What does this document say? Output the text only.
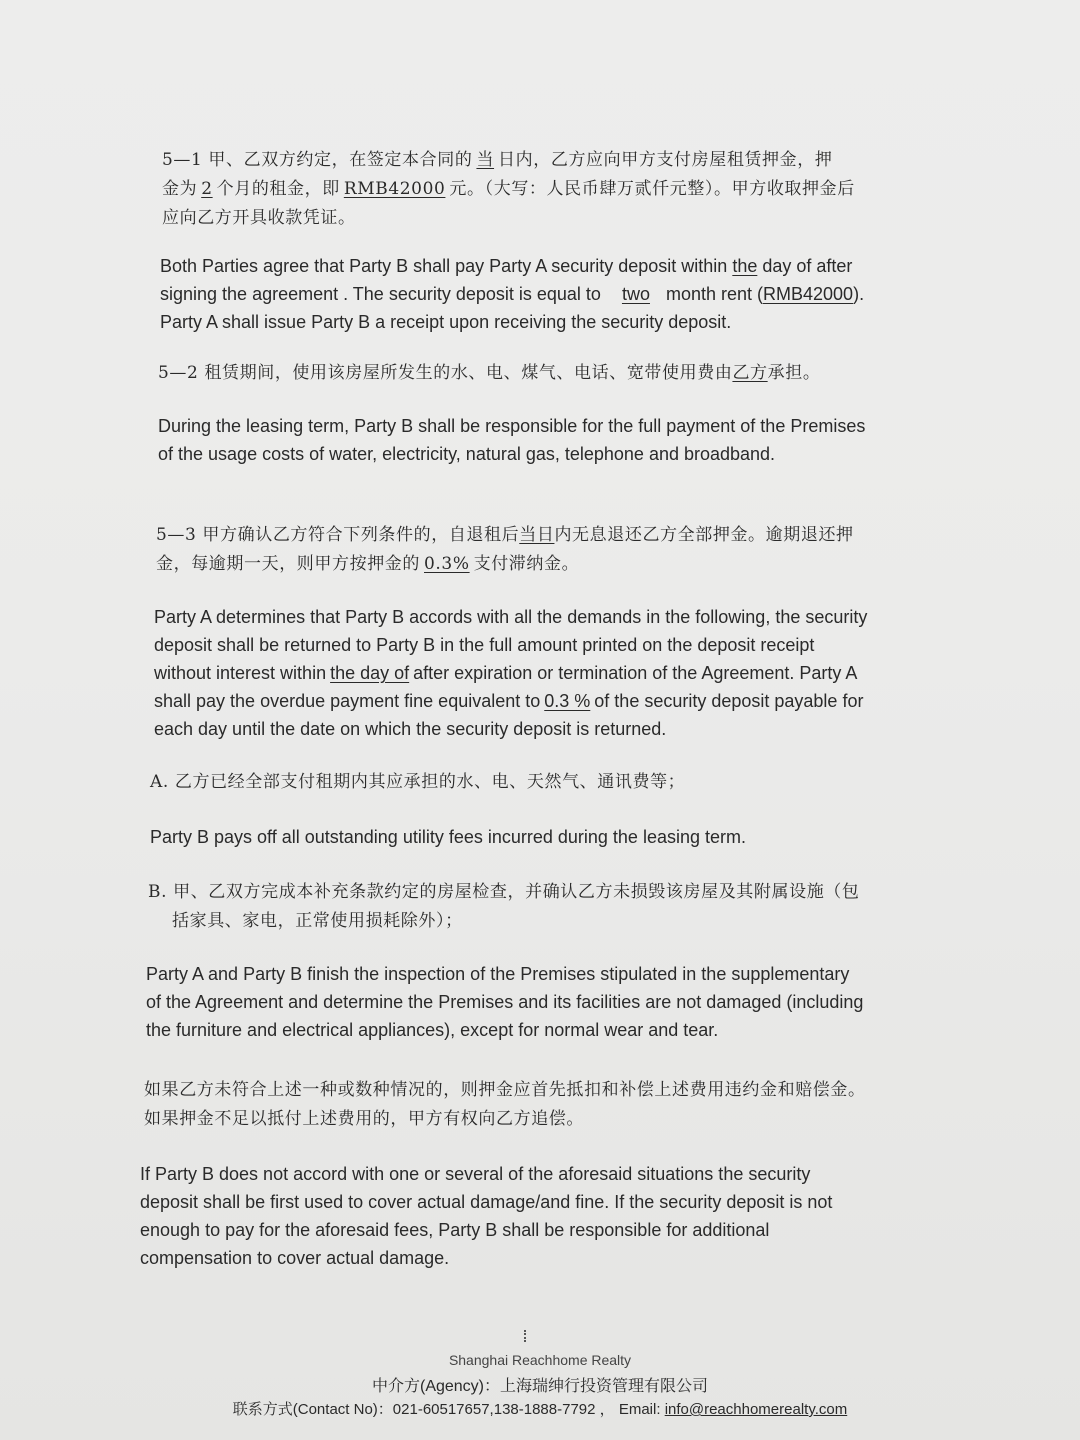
5—1 甲、乙双方约定，在签定本合同的 当 日内，乙方应向甲方支付房屋租赁押金，押
金为 2 个月的租金，即 RMB42000 元。（大写：人民币肆万贰仟元整）。甲方收取押金后
应向乙方开具收款凭证。
Both Parties agree that Party B shall pay Party A security deposit within the day of after
signing the agreement . The security deposit is equal to two month rent (RMB42000).
Party A shall issue Party B a receipt upon receiving the security deposit.
5—2 租赁期间，使用该房屋所发生的水、电、煤气、电话、宽带使用费由乙方承担。
During the leasing term, Party B shall be responsible for the full payment of the Premises
of the usage costs of water, electricity, natural gas, telephone and broadband.
5—3 甲方确认乙方符合下列条件的，自退租后当日内无息退还乙方全部押金。逾期退还押
金，每逾期一天，则甲方按押金的 0.3% 支付滞纳金。
Party A determines that Party B accords with all the demands in the following, the security
deposit shall be returned to Party B in the full amount printed on the deposit receipt
without interest within the day of after expiration or termination of the Agreement. Party A
shall pay the overdue payment fine equivalent to 0.3 % of the security deposit payable for
each day until the date on which the security deposit is returned.
A. 乙方已经全部支付租期内其应承担的水、电、天然气、通讯费等；
Party B pays off all outstanding utility fees incurred during the leasing term.
B. 甲、乙双方完成本补充条款约定的房屋检查，并确认乙方未损毁该房屋及其附属设施（包
括家具、家电，正常使用损耗除外）；
Party A and Party B finish the inspection of the Premises stipulated in the supplementary
of the Agreement and determine the Premises and its facilities are not damaged (including
the furniture and electrical appliances), except for normal wear and tear.
如果乙方未符合上述一种或数种情况的，则押金应首先抵扣和补偿上述费用违约金和赔偿金。
如果押金不足以抵付上述费用的，甲方有权向乙方追偿。
If Party B does not accord with one or several of the aforesaid situations the security
deposit shall be first used to cover actual damage/and fine. If the security deposit is not
enough to pay for the aforesaid fees, Party B shall be responsible for additional
compensation to cover actual damage.
Shanghai Reachhome Realty
中介方(Agency)：上海瑞绅行投资管理有限公司
联系方式(Contact No)：021-60517657,138-1888-7792 ， Email: info@reachhomerealty.com
